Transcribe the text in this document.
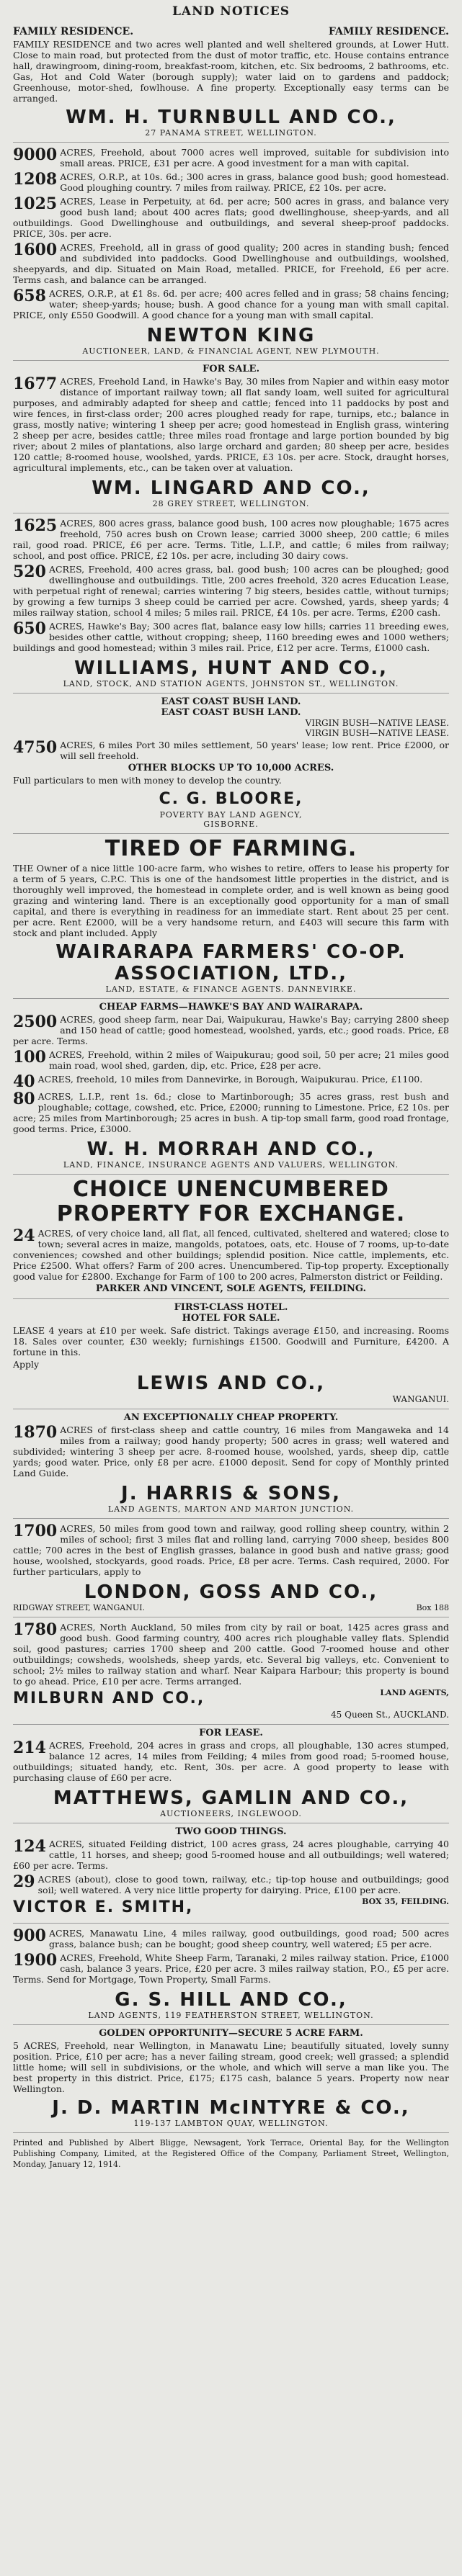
LAND NOTICES
FAMILY RESIDENCE.	FAMILY RESIDENCE.

FAMILY RESIDENCE and two acres well planted and well sheltered grounds, at Lower Hutt. Close to main road, but protected from the dust of motor traffic, etc. House contains entrance hall, drawingroom, dining-room, breakfast-room, kitchen, etc. Six bedrooms, 2 bathrooms, etc. Gas, Hot and Cold Water (borough supply); water laid on to gardens and paddock; Greenhouse, motor-shed, fowlhouse. A fine property. Exceptionally easy terms can be arranged.

WM. H. TURNBULL AND CO.,
27 PANAMA STREET, WELLINGTON.

9000 ACRES, Freehold, about 7000 acres well improved, suitable for subdivision into small areas. PRICE, £31 per acre. A good investment for a man with capital.

1208 ACRES, O.R.P., at 10s. 6d.; 300 acres in grass, balance good bush; good homestead. Good ploughing country. 7 miles from railway. PRICE, £2 10s. per acre.

1025 ACRES, Lease in Perpetuity, at 6d. per acre; 500 acres in grass, and balance very good bush land; about 400 acres flats; good dwellinghouse, sheep-yards, and all outbuildings. Good Dwellinghouse and outbuildings, and several sheep-proof paddocks. PRICE, 30s. per acre.

1600 ACRES, Freehold, all in grass of good quality; 200 acres in standing bush; fenced and subdivided into paddocks. Good Dwellinghouse and outbuildings, woolshed, sheepyards, and dip. Situated on Main Road, metalled. PRICE, for Freehold, £6 per acre. Terms cash, and balance can be arranged.

658 ACRES, O.R.P., at £1 8s. 6d. per acre; 400 acres felled and in grass; 58 chains fencing; water; sheep-yards; house; bush. A good chance for a young man with small capital. PRICE, only £550 Goodwill. A good chance for a young man with small capital.

NEWTON KING
AUCTIONEER, LAND, & FINANCIAL AGENT, NEW PLYMOUTH.
FOR SALE.

1677 ACRES, Freehold Land, in Hawke's Bay, 30 miles from Napier and within easy motor distance of important railway town; all flat sandy loam, well suited for agricultural purposes, and admirably adapted for sheep and cattle; fenced into 11 paddocks by post and wire fences, in first-class order; 200 acres ploughed ready for rape, turnips, etc.; balance in grass, mostly native; wintering 1 sheep per acre; good homestead in English grass, wintering 2 sheep per acre, besides cattle; three miles road frontage and large portion bounded by big river; about 2 miles of plantations, also large orchard and garden; 80 sheep per acre, besides 120 cattle; 8-roomed house, woolshed, yards. PRICE, £3 10s. per acre. Stock, draught horses, agricultural implements, etc., can be taken over at valuation.

WM. LINGARD AND CO.,
28 GREY STREET, WELLINGTON.

1625 ACRES, 800 acres grass, balance good bush, 100 acres now ploughable; 1675 acres freehold, 750 acres bush on Crown lease; carried 3000 sheep, 200 cattle; 6 miles rail, good road. PRICE, £6 per acre. Terms. Title, L.I.P., and cattle; 6 miles from railway; school, and post office. PRICE, £2 10s. per acre, including 30 dairy cows.

520 ACRES, Freehold, 400 acres grass, bal. good bush; 100 acres can be ploughed; good dwellinghouse and outbuildings. Title, 200 acres freehold, 320 acres Education Lease, with perpetual right of renewal; carries wintering 7 big steers, besides cattle, without turnips; by growing a few turnips 3 sheep could be carried per acre. Cowshed, yards, sheep yards; 4 miles railway station, school 4 miles; 5 miles rail. PRICE, £4 10s. per acre. Terms, £200 cash.

650 ACRES, Hawke's Bay; 300 acres flat, balance easy low hills; carries 11 breeding ewes, besides other cattle, without cropping; sheep, 1160 breeding ewes and 1000 wethers; buildings and good homestead; within 3 miles rail. Price, £12 per acre. Terms, £1000 cash.

WILLIAMS, HUNT AND CO.,
LAND, STOCK, AND STATION AGENTS, JOHNSTON ST., WELLINGTON.
EAST COAST BUSH LAND.
EAST COAST BUSH LAND.
VIRGIN BUSH—NATIVE LEASE.
VIRGIN BUSH—NATIVE LEASE.

4750 ACRES, 6 miles Port 30 miles settlement, 50 years' lease; low rent. Price £2000, or will sell freehold.

OTHER BLOCKS UP TO 10,000 ACRES.

Full particulars to men with money to develop the country.

C. G. BLOORE,
POVERTY BAY LAND AGENCY,
GISBORNE.
TIRED OF FARMING.

THE Owner of a nice little 100-acre farm, who wishes to retire, offers to lease his property for a term of 5 years, C.P.C. This is one of the handsomest little properties in the district, and is thoroughly well improved, the homestead in complete order, and is well known as being good grazing and wintering land. There is an exceptionally good opportunity for a man of small capital, and there is everything in readiness for an immediate start. Rent about 25 per cent. per acre. Rent £2000, will be a very handsome return, and £403 will secure this farm with stock and plant included. Apply

WAIRARAPA FARMERS' CO-OP. ASSOCIATION, LTD.,
LAND, ESTATE, & FINANCE AGENTS. DANNEVIRKE.
CHEAP FARMS—HAWKE'S BAY AND WAIRARAPA.

2500 ACRES, good sheep farm, near Dai, Waipukurau, Hawke's Bay; carrying 2800 sheep and 150 head of cattle; good homestead, woolshed, yards, etc.; good roads. Price, £8 per acre. Terms.

100 ACRES, Freehold, within 2 miles of Waipukurau; good soil, 50 per acre; 21 miles good main road, wool shed, garden, dip, etc. Price, £28 per acre.

40 ACRES, freehold, 10 miles from Dannevirke, in Borough, Waipukurau. Price, £1100.

80 ACRES, L.I.P., rent 1s. 6d.; close to Martinborough; 35 acres grass, rest bush and ploughable; cottage, cowshed, etc. Price, £2000; running to Limestone. Price, £2 10s. per acre; 25 miles from Martinborough; 25 acres in bush. A tip-top small farm, good road frontage, good terms. Price, £3000.

W. H. MORRAH AND CO.,
LAND, FINANCE, INSURANCE AGENTS AND VALUERS, WELLINGTON.
CHOICE UNENCUMBERED PROPERTY FOR EXCHANGE.

24 ACRES, of very choice land, all flat, all fenced, cultivated, sheltered and watered; close to town; several acres in maize, mangolds, potatoes, oats, etc. House of 7 rooms, up-to-date conveniences; cowshed and other buildings; splendid position. Nice cattle, implements, etc. Price £2500. What offers? Farm of 200 acres. Unencumbered. Tip-top property. Exceptionally good value for £2800. Exchange for Farm of 100 to 200 acres, Palmerston district or Feilding.

PARKER AND VINCENT, SOLE AGENTS, FEILDING.
FIRST-CLASS HOTEL.
HOTEL FOR SALE.

LEASE 4 years at £10 per week. Safe district. Takings average £150, and increasing. Rooms 18. Sales over counter, £30 weekly; furnishings £1500. Goodwill and Furniture, £4200. A fortune in this.

Apply

LEWIS AND CO.,
WANGANUI.
AN EXCEPTIONALLY CHEAP PROPERTY.

1870 ACRES of first-class sheep and cattle country, 16 miles from Mangaweka and 14 miles from a railway; good handy property; 500 acres in grass; well watered and subdivided; wintering 3 sheep per acre. 8-roomed house, woolshed, yards, sheep dip, cattle yards; good water. Price, only £8 per acre. £1000 deposit. Send for copy of Monthly printed Land Guide.

J. HARRIS & SONS,
LAND AGENTS, MARTON AND MARTON JUNCTION.

1700 ACRES, 50 miles from good town and railway, good rolling sheep country, within 2 miles of school; first 3 miles flat and rolling land, carrying 7000 sheep, besides 800 cattle; 700 acres in the best of English grasses, balance in good bush and native grass; good house, woolshed, stockyards, good roads. Price, £8 per acre. Terms. Cash required, 2000. For further particulars, apply to

LONDON, GOSS AND CO.,
RIDGWAY STREET, WANGANUI.	Box 188

1780 ACRES, North Auckland, 50 miles from city by rail or boat, 1425 acres grass and good bush. Good farming country, 400 acres rich ploughable valley flats. Splendid soil, good pastures; carries 1700 sheep and 200 cattle. Good 7-roomed house and other outbuildings; cowsheds, woolsheds, sheep yards, etc. Several big valleys, etc. Convenient to school; 2½ miles to railway station and wharf. Near Kaipara Harbour; this property is bound to go ahead. Price, £10 per acre. Terms arranged.

MILBURN AND CO.,	LAND AGENTS,
45 Queen St., AUCKLAND.
FOR LEASE.

214 ACRES, Freehold, 204 acres in grass and crops, all ploughable, 130 acres stumped, balance 12 acres, 14 miles from Feilding; 4 miles from good road; 5-roomed house, outbuildings; situated handy, etc. Rent, 30s. per acre. A good property to lease with purchasing clause of £60 per acre.

MATTHEWS, GAMLIN AND CO.,
AUCTIONEERS, INGLEWOOD.
TWO GOOD THINGS.

124 ACRES, situated Feilding district, 100 acres grass, 24 acres ploughable, carrying 40 cattle, 11 horses, and sheep; good 5-roomed house and all outbuildings; well watered; £60 per acre. Terms.

29 ACRES (about), close to good town, railway, etc.; tip-top house and outbuildings; good soil; well watered. A very nice little property for dairying. Price, £100 per acre.

VICTOR E. SMITH,	BOX 35, FEILDING.

900 ACRES, Manawatu Line, 4 miles railway, good outbuildings, good road; 500 acres grass, balance bush; can be bought; good sheep country, well watered; £5 per acre.

1900 ACRES, Freehold, White Sheep Farm, Taranaki, 2 miles railway station. Price, £1000 cash, balance 3 years. Price, £20 per acre. 3 miles railway station, P.O., £5 per acre. Terms. Send for Mortgage, Town Property, Small Farms.

G. S. HILL AND CO.,
LAND AGENTS, 119 FEATHERSTON STREET, WELLINGTON.
GOLDEN OPPORTUNITY—SECURE 5 ACRE FARM.

5 ACRES, Freehold, near Wellington, in Manawatu Line; beautifully situated, lovely sunny position. Price, £10 per acre; has a never failing stream, good creek; well grassed; a splendid little home; will sell in subdivisions, or the whole, and which will serve a man like you. The best property in this district. Price, £175; £175 cash, balance 5 years. Property now near Wellington.

J. D. MARTIN McINTYRE & CO.,
119-137 LAMBTON QUAY, WELLINGTON.

Printed and Published by Albert Bligge, Newsagent, York Terrace, Oriental Bay, for the Wellington Publishing Company, Limited, at the Registered Office of the Company, Parliament Street, Wellington, Monday, January 12, 1914.
